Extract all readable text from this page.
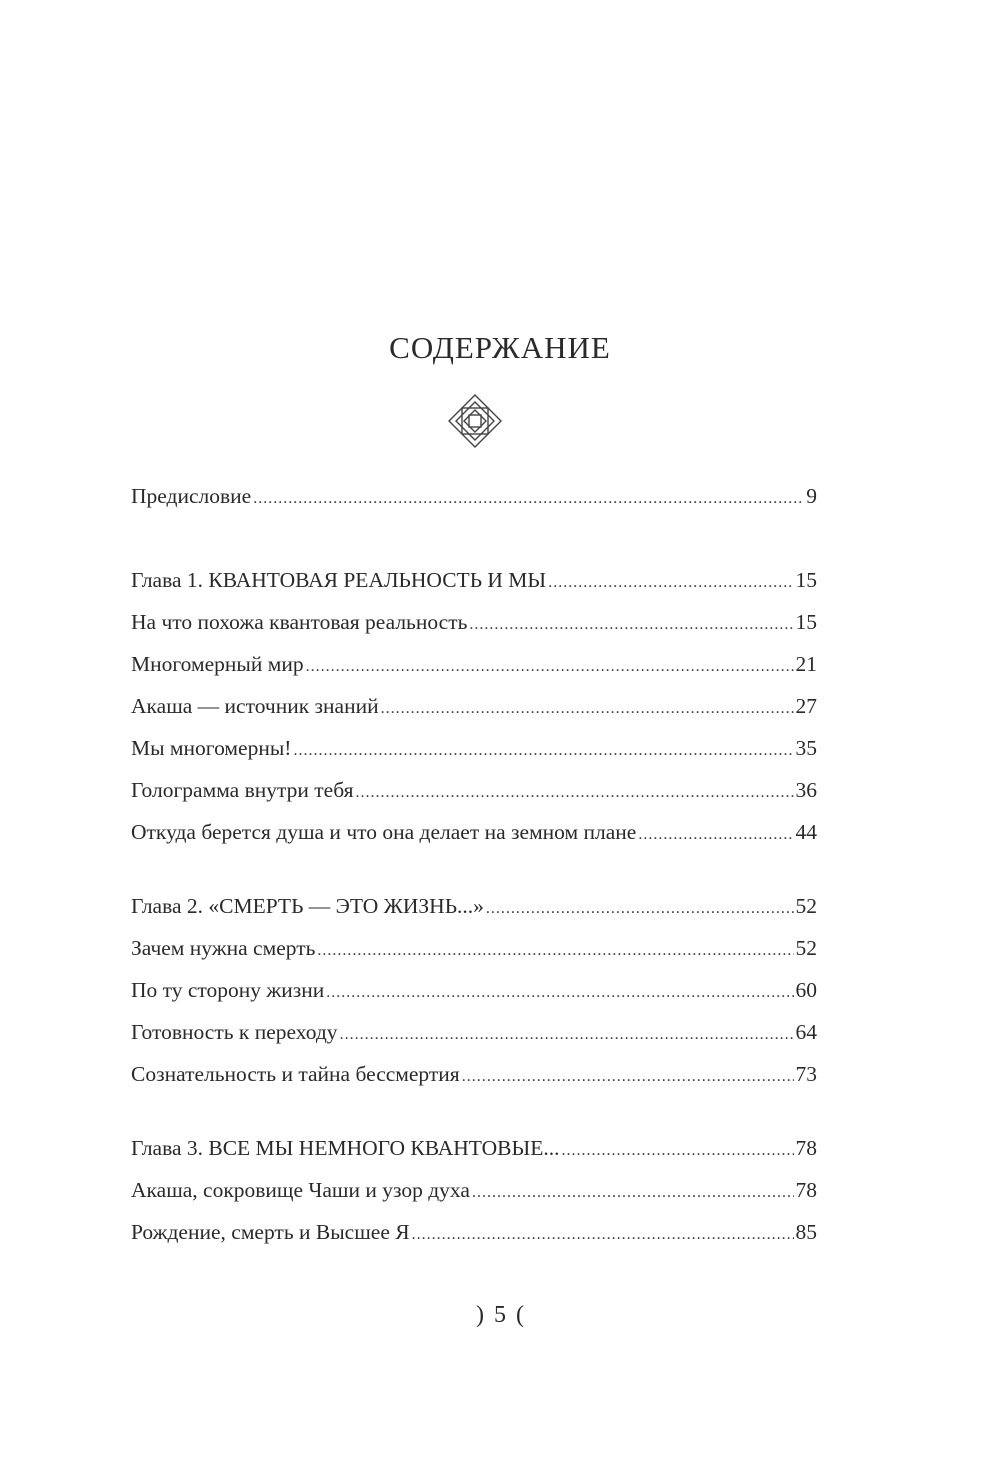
СОДЕРЖАНИЕ
Предисловие .....	9
Глава 1. КВАНТОВАЯ РЕАЛЬНОСТЬ И МЫ .....	15
На что похожа квантовая реальность .....	15
Многомерный мир .....	21
Акаша — источник знаний .....	27
Мы многомерны! .....	35
Голограмма внутри тебя .....	36
Откуда берется душа и что она делает на земном плане .....	44
Глава 2. «СМЕРТЬ — ЭТО ЖИЗНЬ...» .....	52
Зачем нужна смерть .....	52
По ту сторону жизни .....	60
Готовность к переходу .....	64
Сознательность и тайна бессмертия .....	73
Глава 3. ВСЕ МЫ НЕМНОГО КВАНТОВЫЕ... .....	78
Акаша, сокровище Чаши и узор духа .....	78
Рождение, смерть и Высшее Я .....	85
) 5 (
